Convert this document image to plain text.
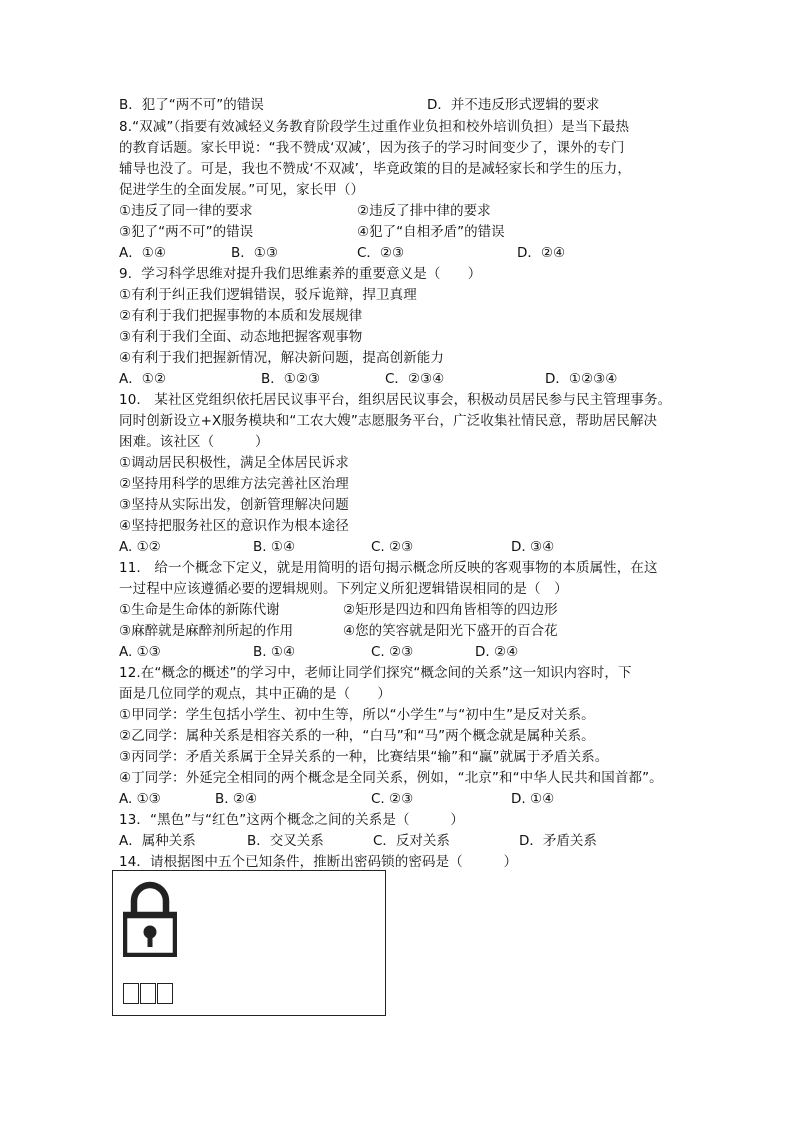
B．犯了“两不可”的错误	D．并不违反形式逻辑的要求
8.“双减”（指要有效减轻义务教育阶段学生过重作业负担和校外培训负担）是当下最热
的教育话题。家长甲说：“我不赞成‘双减’，因为孩子的学习时间变少了，课外的专门
辅导也没了。可是，我也不赞成‘不双减’，毕竟政策的目的是减轻家长和学生的压力，
促进学生的全面发展。”可见，家长甲（）
①违反了同一律的要求	②违反了排中律的要求
③犯了“两不可”的错误	④犯了“自相矛盾”的错误
A．①④	B．①③	C．②③	D．②④
9．学习科学思维对提升我们思维素养的重要意义是（　　）
①有利于纠正我们逻辑错误，驳斥诡辩，捍卫真理
②有利于我们把握事物的本质和发展规律
③有利于我们全面、动态地把握客观事物
④有利于我们把握新情况，解决新问题，提高创新能力
A．①②	B．①②③	C．②③④	D．①②③④
10.　某社区党组织依托居民议事平台，组织居民议事会，积极动员居民参与民主管理事务。
同时创新设立+X服务模块和“工农大嫂”志愿服务平台，广泛收集社情民意，帮助居民解决
困难。该社区（　　　）
①调动居民积极性，满足全体居民诉求
②坚持用科学的思维方法完善社区治理
③坚持从实际出发，创新管理解决问题
④坚持把服务社区的意识作为根本途径
A. ①②	B. ①④	C. ②③	D. ③④
11.　给一个概念下定义，就是用简明的语句揭示概念所反映的客观事物的本质属性，在这
一过程中应该遵循必要的逻辑规则。下列定义所犯逻辑错误相同的是（　）
①生命是生命体的新陈代谢	②矩形是四边和四角皆相等的四边形
③麻醉就是麻醉剂所起的作用	④您的笑容就是阳光下盛开的百合花
A. ①③	B. ①④	C. ②③	D. ②④
12.在“概念的概述”的学习中，老师让同学们探究“概念间的关系”这一知识内容时，下
面是几位同学的观点，其中正确的是（　　）
①甲同学：学生包括小学生、初中生等，所以“小学生”与“初中生”是反对关系。
②乙同学：属种关系是相容关系的一种，“白马”和“马”两个概念就是属种关系。
③丙同学：矛盾关系属于全异关系的一种，比赛结果“输”和“赢”就属于矛盾关系。
④丁同学：外延完全相同的两个概念是全同关系，例如，“北京”和“中华人民共和国首都”。
A. ①③	B. ②④	C. ②③	D. ①④
13．“黑色”与“红色”这两个概念之间的关系是（　　　）
A．属种关系	B．交叉关系	C．反对关系	D．矛盾关系
14．请根据图中五个已知条件，推断出密码锁的密码是（　　　）
